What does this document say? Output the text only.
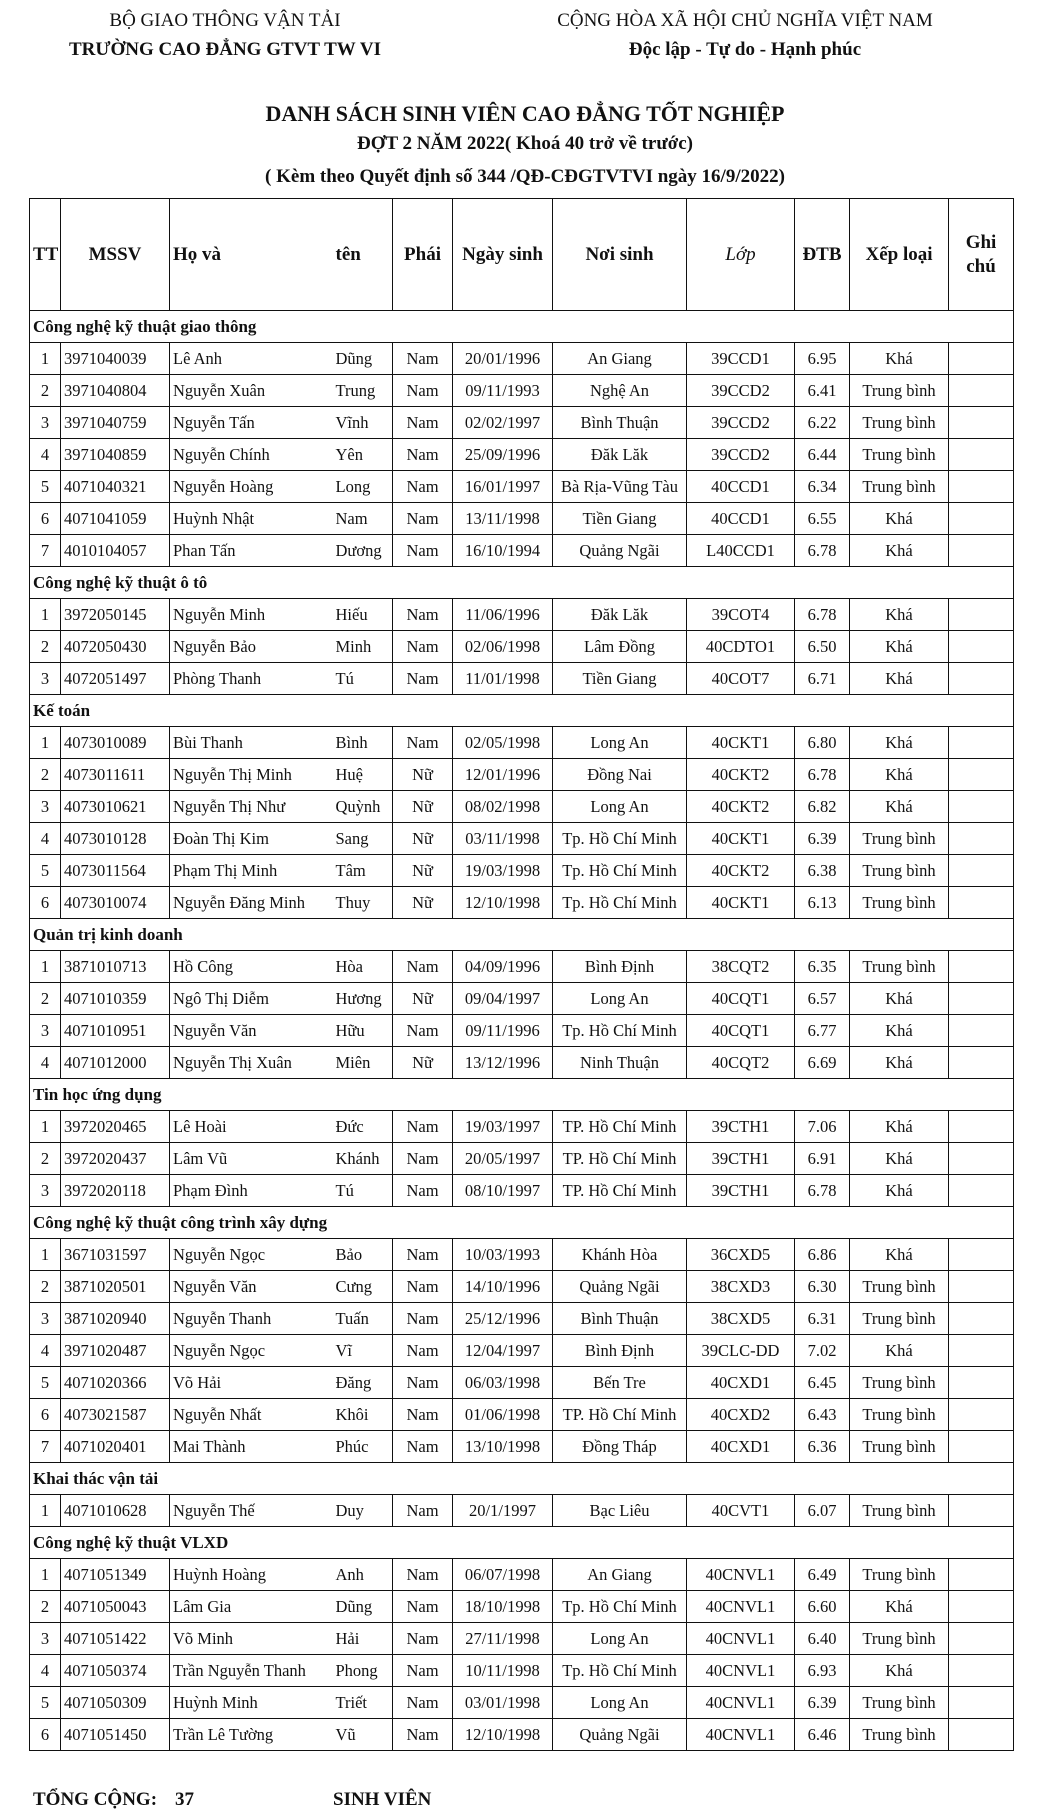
BỘ GIAO THÔNG VẬN TẢI
TRƯỜNG CAO ĐẲNG GTVT TW VI
CỘNG HÒA XÃ HỘI CHỦ NGHĨA VIỆT NAM
Độc lập - Tự do - Hạnh phúc
DANH SÁCH SINH VIÊN CAO ĐẲNG TỐT NGHIỆP
ĐỢT 2 NĂM 2022( Khoá 40 trở về trước)
( Kèm theo Quyết định số 344 /QĐ-CĐGTVTVI ngày 16/9/2022)
TT	MSSV	Họ và	tên	Phái	Ngày sinh	Nơi sinh	Lớp	ĐTB	Xếp loại	Ghi
chú

Công nghệ kỹ thuật giao thông										
1	3971040039	Lê Anh	Dũng	Nam	20/01/1996	An Giang	39CCD1	6.95	Khá	
2	3971040804	Nguyễn Xuân	Trung	Nam	09/11/1993	Nghệ An	39CCD2	6.41	Trung bình	
3	3971040759	Nguyễn Tấn	Vĩnh	Nam	02/02/1997	Bình Thuận	39CCD2	6.22	Trung bình	
4	3971040859	Nguyễn Chính	Yên	Nam	25/09/1996	Đăk Lăk	39CCD2	6.44	Trung bình	
5	4071040321	Nguyễn Hoàng	Long	Nam	16/01/1997	Bà Rịa-Vũng Tàu	40CCD1	6.34	Trung bình	
6	4071041059	Huỳnh Nhật	Nam	Nam	13/11/1998	Tiền Giang	40CCD1	6.55	Khá	
7	4010104057	Phan Tấn	Dương	Nam	16/10/1994	Quảng Ngãi	L40CCD1	6.78	Khá	
Công nghệ kỹ thuật ô tô										
1	3972050145	Nguyễn Minh	Hiếu	Nam	11/06/1996	Đăk Lăk	39COT4	6.78	Khá	
2	4072050430	Nguyễn Bảo	Minh	Nam	02/06/1998	Lâm Đồng	40CDTO1	6.50	Khá	
3	4072051497	Phòng Thanh	Tú	Nam	11/01/1998	Tiền Giang	40COT7	6.71	Khá	
Kế toán										
1	4073010089	Bùi Thanh	Bình	Nam	02/05/1998	Long An	40CKT1	6.80	Khá	
2	4073011611	Nguyễn Thị Minh	Huệ	Nữ	12/01/1996	Đồng Nai	40CKT2	6.78	Khá	
3	4073010621	Nguyễn Thị Như	Quỳnh	Nữ	08/02/1998	Long An	40CKT2	6.82	Khá	
4	4073010128	Đoàn Thị Kim	Sang	Nữ	03/11/1998	Tp. Hồ Chí Minh	40CKT1	6.39	Trung bình	
5	4073011564	Phạm Thị Minh	Tâm	Nữ	19/03/1998	Tp. Hồ Chí Minh	40CKT2	6.38	Trung bình	
6	4073010074	Nguyễn Đăng Minh	Thuy	Nữ	12/10/1998	Tp. Hồ Chí Minh	40CKT1	6.13	Trung bình	
Quản trị kinh doanh										
1	3871010713	Hồ Công	Hòa	Nam	04/09/1996	Bình Định	38CQT2	6.35	Trung bình	
2	4071010359	Ngô Thị Diễm	Hương	Nữ	09/04/1997	Long An	40CQT1	6.57	Khá	
3	4071010951	Nguyễn Văn	Hữu	Nam	09/11/1996	Tp. Hồ Chí Minh	40CQT1	6.77	Khá	
4	4071012000	Nguyễn Thị Xuân	Miên	Nữ	13/12/1996	Ninh Thuận	40CQT2	6.69	Khá	
Tin học ứng dụng										
1	3972020465	Lê Hoài	Đức	Nam	19/03/1997	TP. Hồ Chí Minh	39CTH1	7.06	Khá	
2	3972020437	Lâm Vũ	Khánh	Nam	20/05/1997	TP. Hồ Chí Minh	39CTH1	6.91	Khá	
3	3972020118	Phạm Đình	Tú	Nam	08/10/1997	TP. Hồ Chí Minh	39CTH1	6.78	Khá	
Công nghệ kỹ thuật công trình xây dựng										
1	3671031597	Nguyễn Ngọc	Bảo	Nam	10/03/1993	Khánh Hòa	36CXD5	6.86	Khá	
2	3871020501	Nguyễn Văn	Cưng	Nam	14/10/1996	Quảng Ngãi	38CXD3	6.30	Trung bình	
3	3871020940	Nguyễn Thanh	Tuấn	Nam	25/12/1996	Bình Thuận	38CXD5	6.31	Trung bình	
4	3971020487	Nguyễn Ngọc	Vĩ	Nam	12/04/1997	Bình Định	39CLC-DD	7.02	Khá	
5	4071020366	Võ Hải	Đăng	Nam	06/03/1998	Bến Tre	40CXD1	6.45	Trung bình	
6	4073021587	Nguyễn Nhất	Khôi	Nam	01/06/1998	TP. Hồ Chí Minh	40CXD2	6.43	Trung bình	
7	4071020401	Mai Thành	Phúc	Nam	13/10/1998	Đồng Tháp	40CXD1	6.36	Trung bình	
Khai thác vận tải										
1	4071010628	Nguyễn Thế	Duy	Nam	20/1/1997	Bạc Liêu	40CVT1	6.07	Trung bình	
Công nghệ kỹ thuật VLXD										
1	4071051349	Huỳnh Hoàng	Anh	Nam	06/07/1998	An Giang	40CNVL1	6.49	Trung bình	
2	4071050043	Lâm Gia	Dũng	Nam	18/10/1998	Tp. Hồ Chí Minh	40CNVL1	6.60	Khá	
3	4071051422	Võ Minh	Hải	Nam	27/11/1998	Long An	40CNVL1	6.40	Trung bình	
4	4071050374	Trần Nguyễn Thanh	Phong	Nam	10/11/1998	Tp. Hồ Chí Minh	40CNVL1	6.93	Khá	
5	4071050309	Huỳnh Minh	Triết	Nam	03/01/1998	Long An	40CNVL1	6.39	Trung bình	
6	4071051450	Trần Lê Tường	Vũ	Nam	12/10/1998	Quảng Ngãi	40CNVL1	6.46	Trung bình	
TỔNG CỘNG: 37	SINH VIÊN
